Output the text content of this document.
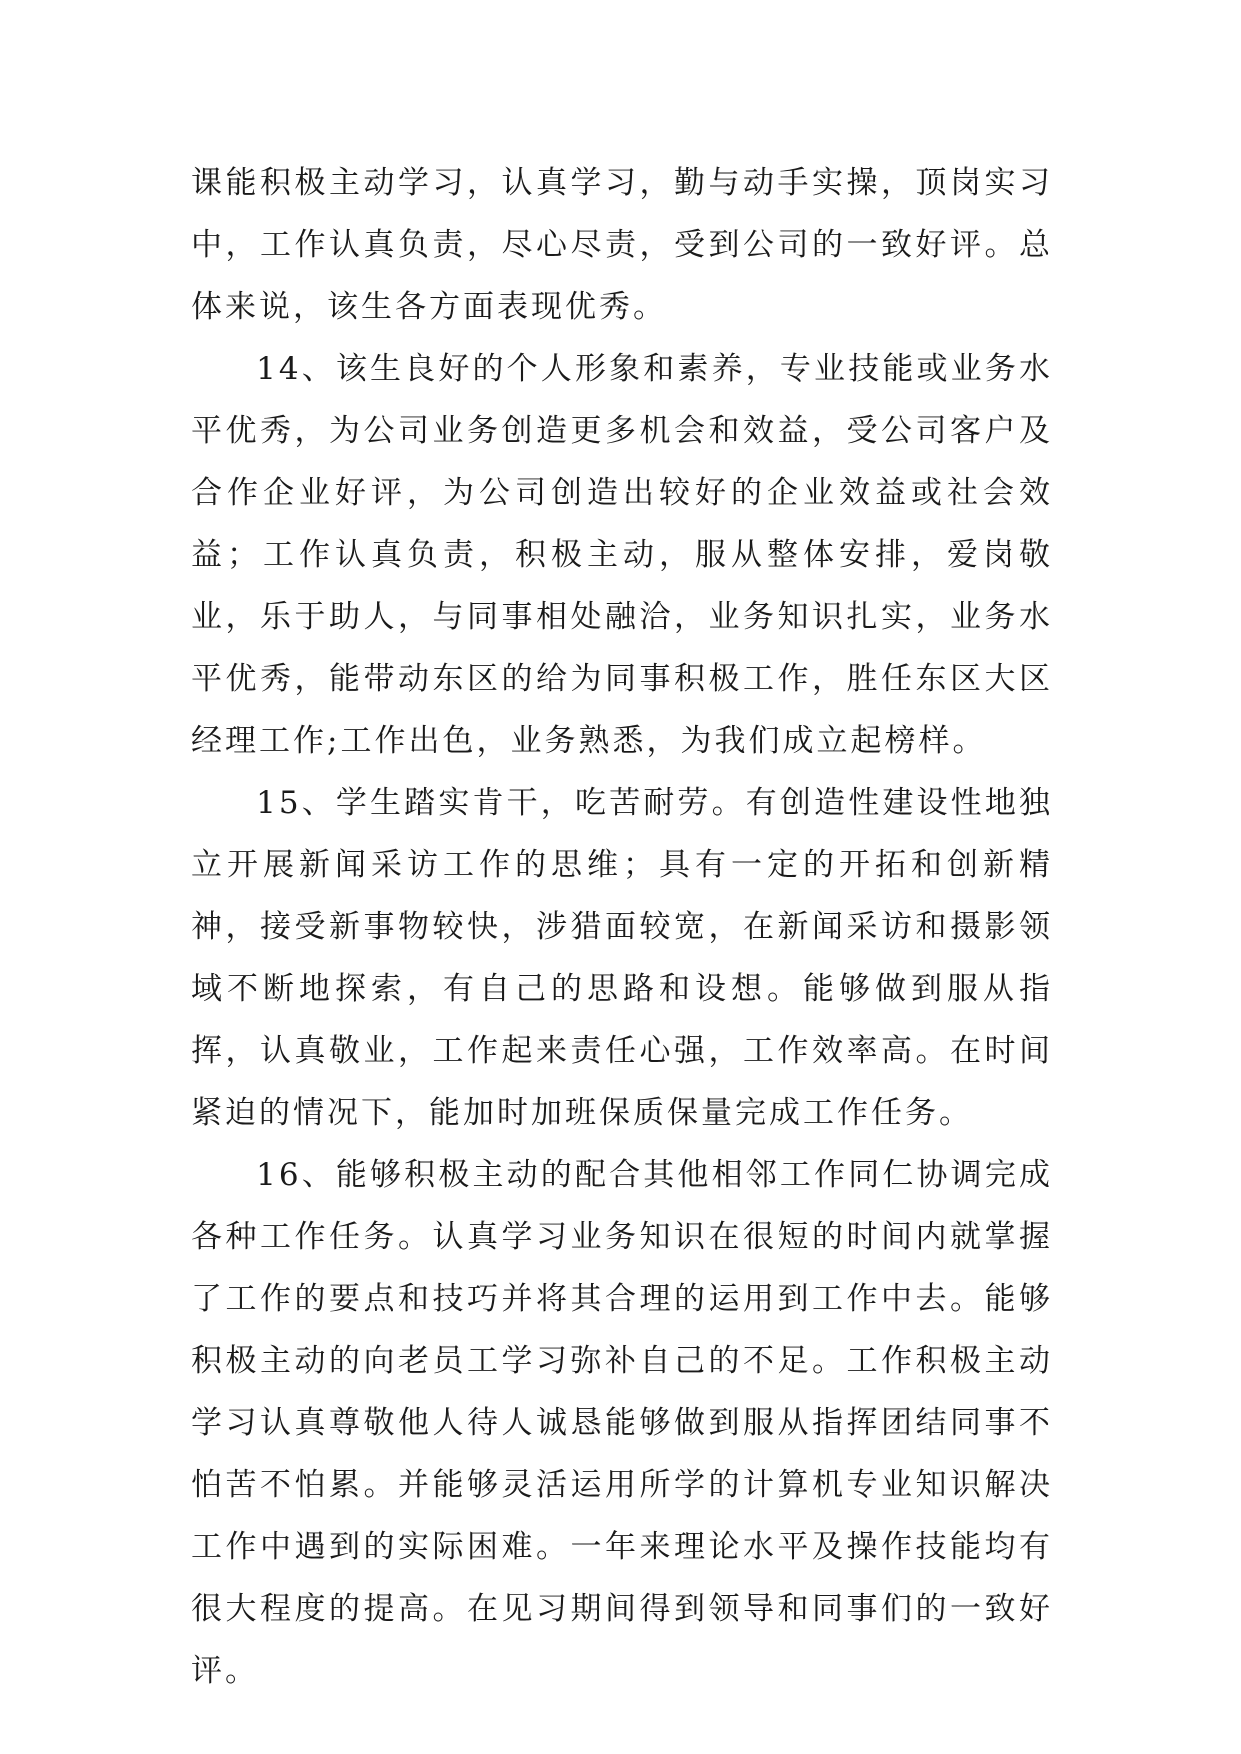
课能积极主动学习，认真学习，勤与动手实操，顶岗实习中，工作认真负责，尽心尽责，受到公司的一致好评。总体来说，该生各方面表现优秀。

14、该生良好的个人形象和素养，专业技能或业务水平优秀，为公司业务创造更多机会和效益，受公司客户及合作企业好评，为公司创造出较好的企业效益或社会效益；工作认真负责，积极主动，服从整体安排，爱岗敬业，乐于助人，与同事相处融洽，业务知识扎实，业务水平优秀，能带动东区的给为同事积极工作，胜任东区大区经理工作;工作出色，业务熟悉，为我们成立起榜样。

15、学生踏实肯干，吃苦耐劳。有创造性建设性地独立开展新闻采访工作的思维；具有一定的开拓和创新精神，接受新事物较快，涉猎面较宽，在新闻采访和摄影领域不断地探索，有自己的思路和设想。能够做到服从指挥，认真敬业，工作起来责任心强，工作效率高。在时间紧迫的情况下，能加时加班保质保量完成工作任务。

16、能够积极主动的配合其他相邻工作同仁协调完成各种工作任务。认真学习业务知识在很短的时间内就掌握了工作的要点和技巧并将其合理的运用到工作中去。能够积极主动的向老员工学习弥补自己的不足。工作积极主动学习认真尊敬他人待人诚恳能够做到服从指挥团结同事不怕苦不怕累。并能够灵活运用所学的计算机专业知识解决工作中遇到的实际困难。一年来理论水平及操作技能均有很大程度的提高。在见习期间得到领导和同事们的一致好评。
